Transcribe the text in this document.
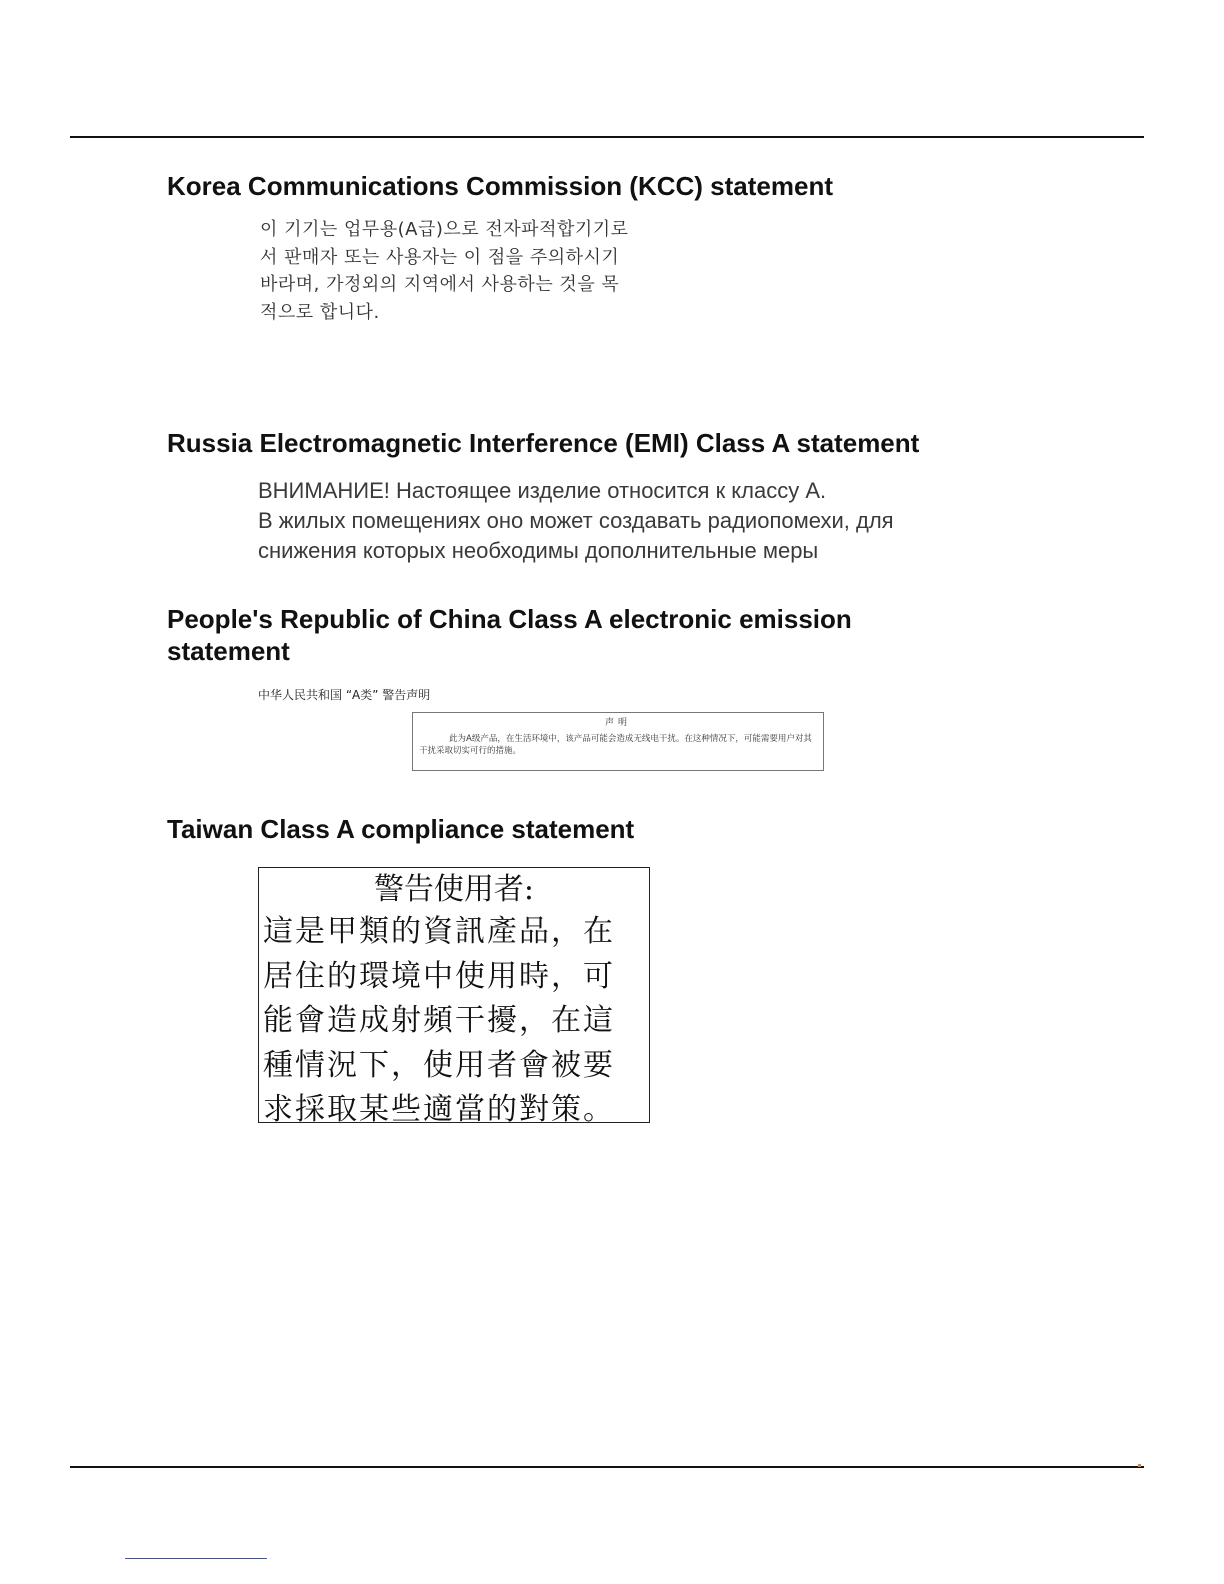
Korea Communications Commission (KCC) statement
이 기기는 업무용(A급)으로 전자파적합기기로
서 판매자 또는 사용자는 이 점을 주의하시기
바라며, 가정외의 지역에서 사용하는 것을 목
적으로 합니다.
Russia Electromagnetic Interference (EMI) Class A statement
ВНИМАНИЕ! Настоящее изделие относится к классу А.
В жилых помещениях оно может создавать радиопомехи, для
снижения которых необходимы дополнительные меры
People's Republic of China Class A electronic emission
statement
中华人民共和国 “A类” 警告声明
声明
此为A级产品，在生活环境中，该产品可能会造成无线电干扰。在这种情况下，可能需要用户对其干扰采取切实可行的措施。
Taiwan Class A compliance statement
警告使用者:
這是甲類的資訊產品，在
居住的環境中使用時，可
能會造成射頻干擾，在這
種情況下，使用者會被要
求採取某些適當的對策。
